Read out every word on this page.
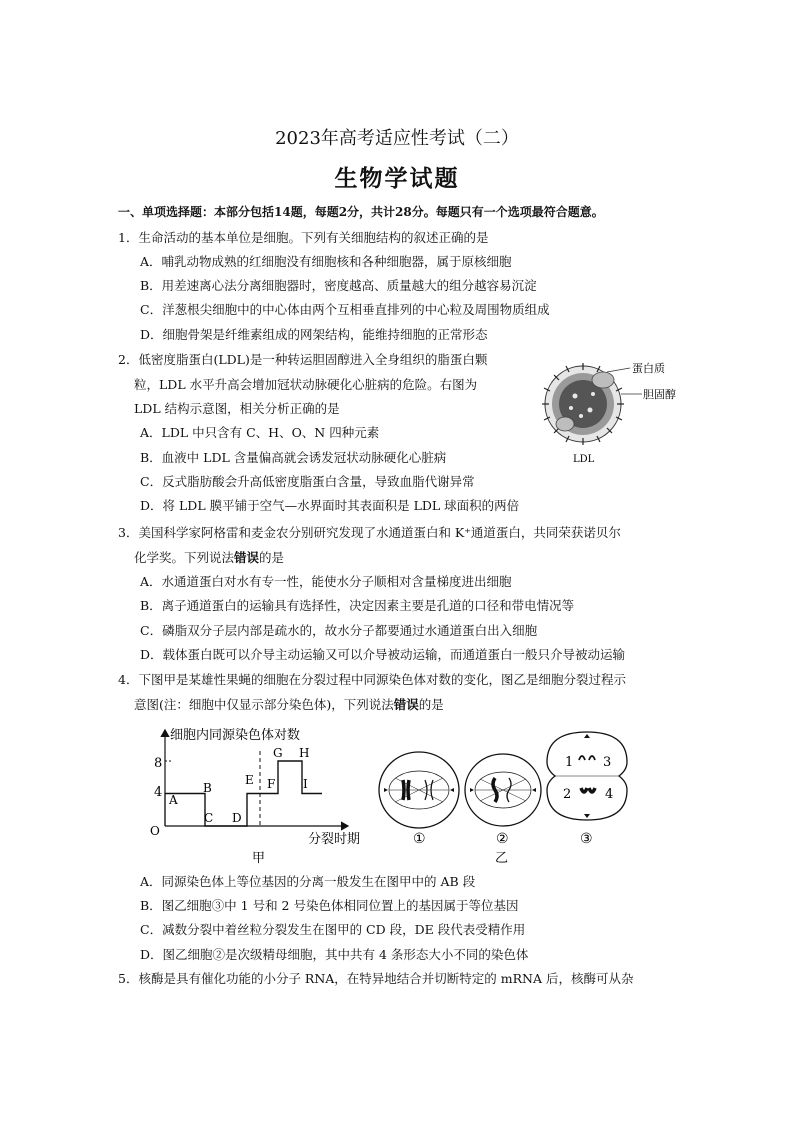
2023年高考适应性考试（二）
生物学试题
一、单项选择题：本部分包括14题，每题2分，共计28分。每题只有一个选项最符合题意。
1．生命活动的基本单位是细胞。下列有关细胞结构的叙述正确的是
A．哺乳动物成熟的红细胞没有细胞核和各种细胞器，属于原核细胞
B．用差速离心法分离细胞器时，密度越高、质量越大的组分越容易沉淀
C．洋葱根尖细胞中的中心体由两个互相垂直排列的中心粒及周围物质组成
D．细胞骨架是纤维素组成的网架结构，能维持细胞的正常形态
2．低密度脂蛋白(LDL)是一种转运胆固醇进入全身组织的脂蛋白颗
粒，LDL 水平升高会增加冠状动脉硬化心脏病的危险。右图为
LDL 结构示意图，相关分析正确的是
A．LDL 中只含有 C、H、O、N 四种元素
B．血液中 LDL 含量偏高就会诱发冠状动脉硬化心脏病
C．反式脂肪酸会升高低密度脂蛋白含量，导致血脂代谢异常
D．将 LDL 膜平铺于空气—水界面时其表面积是 LDL 球面积的两倍
蛋白质
胆固醇
LDL
3．美国科学家阿格雷和麦金农分别研究发现了水通道蛋白和 K⁺通道蛋白，共同荣获诺贝尔
化学奖。下列说法错误的是
A．水通道蛋白对水有专一性，能使水分子顺相对含量梯度进出细胞
B．离子通道蛋白的运输具有选择性，决定因素主要是孔道的口径和带电情况等
C．磷脂双分子层内部是疏水的，故水分子都要通过水通道蛋白出入细胞
D．载体蛋白既可以介导主动运输又可以介导被动运输，而通道蛋白一般只介导被动运输
4．下图甲是某雄性果蝇的细胞在分裂过程中同源染色体对数的变化，图乙是细胞分裂过程示
意图(注：细胞中仅显示部分染色体)，下列说法错误的是
细胞内同源染色体对数
分裂时期
O
8
4 A
B
C D
E F
G H
I
甲
1 3
2	4
①	②	③
乙
A．同源染色体上等位基因的分离一般发生在图甲中的 AB 段
B．图乙细胞③中 1 号和 2 号染色体相同位置上的基因属于等位基因
C．减数分裂中着丝粒分裂发生在图甲的 CD 段，DE 段代表受精作用
D．图乙细胞②是次级精母细胞，其中共有 4 条形态大小不同的染色体
5．核酶是具有催化功能的小分子 RNA，在特异地结合并切断特定的 mRNA 后，核酶可从杂
